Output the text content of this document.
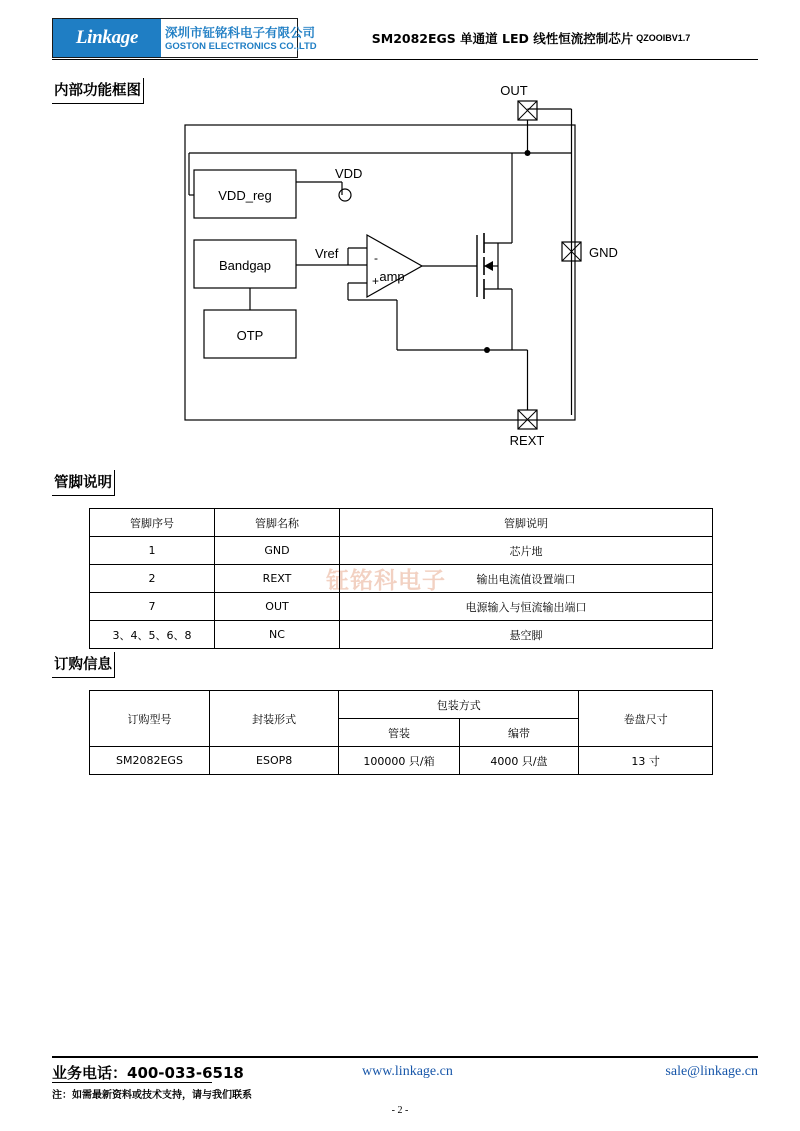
Linkage 深圳市钲铭科电子有限公司
GOSTON ELECTRONICS CO.,LTD
SM2082EGS 单通道 LED 线性恒流控制芯片 QZOOIBV1.7
内部功能框图	OUT
VDD_reg
VDD
Bandgap
Vref
OTP
-
+ amp
GND
REXT
管脚说明
钲铭科电子
管脚序号	管脚名称	管脚说明
1	GND	芯片地
2	REXT	输出电流值设置端口
7	OUT	电源输入与恒流输出端口
3、4、5、6、8	NC	悬空脚
订购信息
订购型号	封装形式	包装方式		卷盘尺寸
		管装	编带	
SM2082EGS	ESOP8	100000 只/箱	4000 只/盘	13 寸
业务电话：400-033-6518
注：如需最新资料或技术支持，请与我们联系
www.linkage.cn	sale@linkage.cn
- 2 -
